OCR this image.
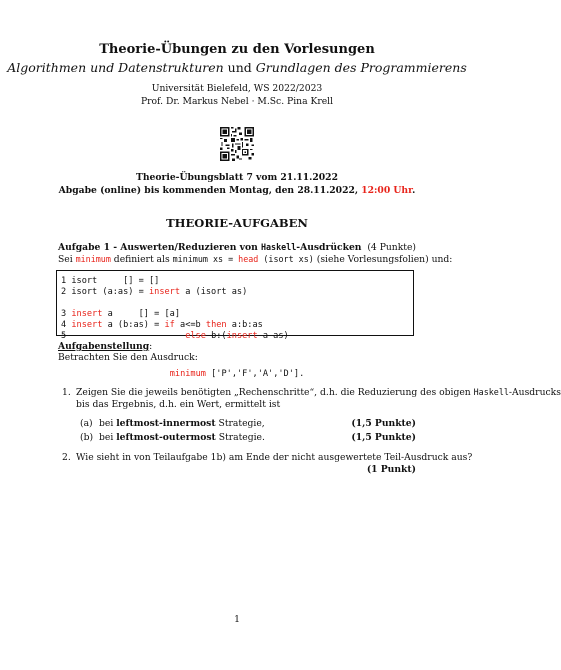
Theorie-Übungen zu den Vorlesungen
Algorithmen und Datenstrukturen und Grundlagen des Programmierens
Universität Bielefeld, WS 2022/2023
Prof. Dr. Markus Nebel · M.Sc. Pina Krell
Theorie-Übungsblatt 7 vom 21.11.2022
Abgabe (online) bis kommenden Montag, den 28.11.2022, 12:00 Uhr.
THEORIE-AUFGABEN
Aufgabe 1 - Auswerten/Reduzieren von Haskell-Ausdrücken (4 Punkte)
Sei minimum definiert als minimum xs = head (isort xs) (siehe Vorlesungsfolien) und:
1 isort     [] = []
2 isort (a:as) = insert a (isort as)

3 insert a     [] = [a]
4 insert a (b:as) = if a<=b then a:b:as
5	else b:(insert a as)
Aufgabenstellung:
Betrachten Sie den Ausdruck:
minimum ['P','F','A','D'].
1. Zeigen Sie die jeweils benötigten „Rechenschritte“, d.h. die Reduzierung des obigen Haskell-Ausdrucks
bis das Ergebnis, d.h. ein Wert, ermittelt ist
(a) bei leftmost-innermost Strategie,	(1,5 Punkte)
(b) bei leftmost-outermost Strategie.	(1,5 Punkte)
2. Wie sieht in von Teilaufgabe 1b) am Ende der nicht ausgewertete Teil-Ausdruck aus?
(1 Punkt)
1
